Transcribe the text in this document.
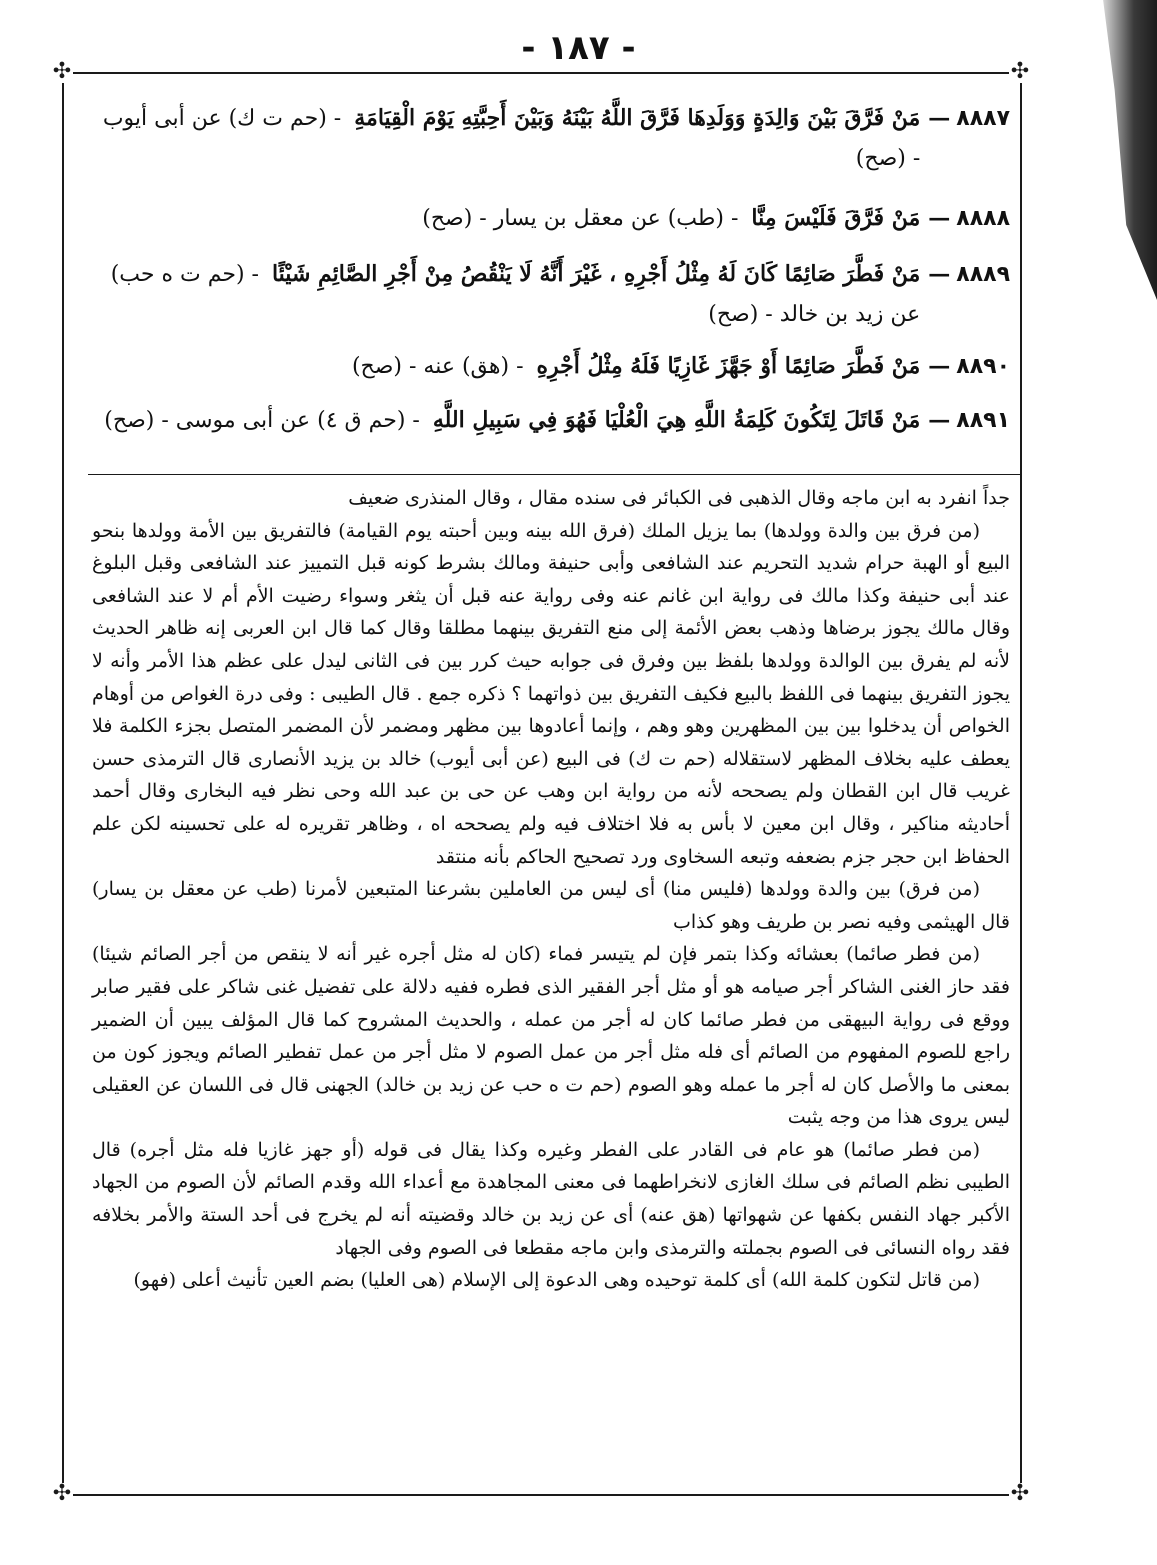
- ١٨٧ -
✣	✣
✣	✣
٨٨٨٧
—
مَنْ فَرَّقَ بَيْنَ وَالِدَةٍ وَوَلَدِهَا فَرَّقَ اللَّهُ بَيْنَهُ وَبَيْنَ أَحِبَّتِهِ يَوْمَ الْقِيَامَةِ - (حم ت ك) عن أبى أيوب - (صح)
٨٨٨٨
—
مَنْ فَرَّقَ فَلَيْسَ مِنَّا - (طب) عن معقل بن يسار - (صح)
٨٨٨٩
—
مَنْ فَطَّرَ صَائِمًا كَانَ لَهُ مِثْلُ أَجْرِهِ ، غَيْرَ أَنَّهُ لَا يَنْقُصُ مِنْ أَجْرِ الصَّائِمِ شَيْئًا - (حم ت ه حب) عن زيد بن خالد - (صح)
٨٨٩٠
—
مَنْ فَطَّرَ صَائِمًا أَوْ جَهَّزَ غَازِيًا فَلَهُ مِثْلُ أَجْرِهِ - (هق) عنه - (صح)
٨٨٩١
—
مَنْ قَاتَلَ لِتَكُونَ كَلِمَةُ اللَّهِ هِيَ الْعُلْيَا فَهُوَ فِي سَبِيلِ اللَّهِ - (حم ق ٤) عن أبى موسى - (صح)

جداً انفرد به ابن ماجه وقال الذهبى فى الكبائر فى سنده مقال ، وقال المنذرى ضعيف

(من فرق بين والدة وولدها) بما يزيل الملك (فرق الله بينه وبين أحبته يوم القيامة) فالتفريق بين الأمة وولدها بنحو البيع أو الهبة حرام شديد التحريم عند الشافعى وأبى حنيفة ومالك بشرط كونه قبل التمييز عند الشافعى وقبل البلوغ عند أبى حنيفة وكذا مالك فى رواية ابن غانم عنه وفى رواية عنه قبل أن يثغر وسواء رضيت الأم أم لا عند الشافعى وقال مالك يجوز برضاها وذهب بعض الأئمة إلى منع التفريق بينهما مطلقا وقال كما قال ابن العربى إنه ظاهر الحديث لأنه لم يفرق بين الوالدة وولدها بلفظ بين وفرق فى جوابه حيث كرر بين فى الثانى ليدل على عظم هذا الأمر وأنه لا يجوز التفريق بينهما فى اللفظ بالبيع فكيف التفريق بين ذواتهما ؟ ذكره جمع . قال الطيبى : وفى درة الغواص من أوهام الخواص أن يدخلوا بين بين المظهرين وهو وهم ، وإنما أعادوها بين مظهر ومضمر لأن المضمر المتصل بجزء الكلمة فلا يعطف عليه بخلاف المظهر لاستقلاله (حم ت ك) فى البيع (عن أبى أيوب) خالد بن يزيد الأنصارى قال الترمذى حسن غريب قال ابن القطان ولم يصححه لأنه من رواية ابن وهب عن حى بن عبد الله وحى نظر فيه البخارى وقال أحمد أحاديثه مناكير ، وقال ابن معين لا بأس به فلا اختلاف فيه ولم يصححه اه ، وظاهر تقريره له على تحسينه لكن علم الحفاظ ابن حجر جزم بضعفه وتبعه السخاوى ورد تصحيح الحاكم بأنه منتقد

(من فرق) بين والدة وولدها (فليس منا) أى ليس من العاملين بشرعنا المتبعين لأمرنا (طب عن معقل بن يسار) قال الهيثمى وفيه نصر بن طريف وهو كذاب

(من فطر صائما) بعشائه وكذا بتمر فإن لم يتيسر فماء (كان له مثل أجره غير أنه لا ينقص من أجر الصائم شيئا) فقد حاز الغنى الشاكر أجر صيامه هو أو مثل أجر الفقير الذى فطره ففيه دلالة على تفضيل غنى شاكر على فقير صابر ووقع فى رواية البيهقى من فطر صائما كان له أجر من عمله ، والحديث المشروح كما قال المؤلف يبين أن الضمير راجع للصوم المفهوم من الصائم أى فله مثل أجر من عمل الصوم لا مثل أجر من عمل تفطير الصائم ويجوز كون من بمعنى ما والأصل كان له أجر ما عمله وهو الصوم (حم ت ه حب عن زيد بن خالد) الجهنى قال فى اللسان عن العقيلى ليس يروى هذا من وجه يثبت

(من فطر صائما) هو عام فى القادر على الفطر وغيره وكذا يقال فى قوله (أو جهز غازيا فله مثل أجره) قال الطيبى نظم الصائم فى سلك الغازى لانخراطهما فى معنى المجاهدة مع أعداء الله وقدم الصائم لأن الصوم من الجهاد الأكبر جهاد النفس بكفها عن شهواتها (هق عنه) أى عن زيد بن خالد وقضيته أنه لم يخرج فى أحد الستة والأمر بخلافه فقد رواه النسائى فى الصوم بجملته والترمذى وابن ماجه مقطعا فى الصوم وفى الجهاد

(من قاتل لتكون كلمة الله) أى كلمة توحيده وهى الدعوة إلى الإسلام (هى العليا) بضم العين تأنيث أعلى (فهو)
